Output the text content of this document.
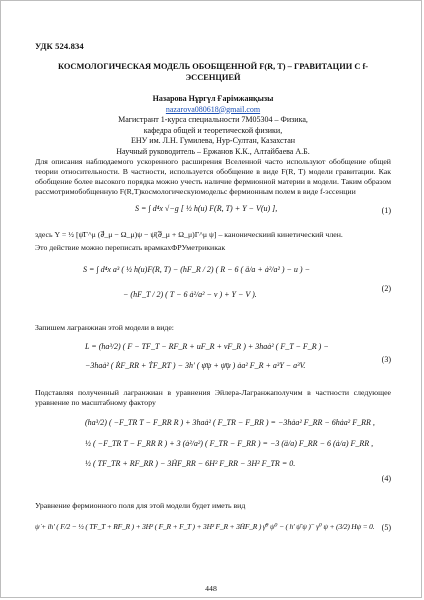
УДК 524.834
КОСМОЛОГИЧЕСКАЯ МОДЕЛЬ ОБОБЩЕННОЙ F(R, T) – ГРАВИТАЦИИ С f-ЭССЕНЦИЕЙ
Назарова Нұргүл Ғарімжанқызы
nazarova080618@gmail.com
Магистрант 1-курса специальности 7M05304 – Физика,
кафедра общей и теоретической физики,
ЕНУ им. Л.Н. Гумилева, Нур-Султан, Казахстан
Научный руководитель – Ержанов К.К., Алтайбаева А.Б.
Для описания наблюдаемого ускоренного расширения Вселенной часто используют обобщение общей теории относительности. В частности, используется обобщение в виде F(R, T) модели гравитации. Как обобщение более высокого порядка можно учесть наличие фермионной материи в модели. Таким образом рассмотримобобщенную F(R,T)космологическуюмодельс фермионным полем в виде f-эссенции
S = ∫ d⁴x √−g [ ½ h(u) F(R, T) + Y − V(u) ],	(1)
здесь Y = ½ [ψ̄Γ^μ (∂⃗_μ − Ω_μ)ψ − ψ̄(∂⃖_μ + Ω_μ)Γ^μ ψ] – каноническиий кинетический член.
Это действие можно переписать врамкахФРУметрикикак
S = ∫ d⁴x a³ ( ½ h(u)F(R, T) − (hF_R / 2) ( R − 6 ( ä/a + ȧ²/a² ) − u ) −
− (hF_T / 2) ( T − 6 ȧ²/a² − v ) + Y − V ).
(2)
Запишем лагранжиан этой модели в виде:
L = (ha³/2) ( F − TF_T − RF_R + uF_R + vF_R ) + 3haȧ² ( F_T − F_R ) −
−3haȧ² ( ṘF_RR + ṪF_RT ) − 3h′ ( ψ̄ψ + ψ̄ψ ) ȧa² F_R + a³Y − a³V.
(3)
Подставляя полученный лагранжиан в уравнения Эйлера-Лагранжаполучим в частности следующее уравнение по масштабному фактору
(ha³/2) ( −F_TR T − F_RR R ) + 3haȧ² ( F_TR − F_RR ) = −3hȧa² F_RR − 6hȧa² F_RR ,
½ ( −F_TR T − F_RR R ) + 3 (ȧ²/a²) ( F_TR − F_RR ) = −3 (ä/a) F_RR − 6 (ȧ/a) F_RR ,
½ ( TF_TR + RF_RR ) − 3ḢF_RR − 6H² F_RR − 3H² F_TR = 0.
(4)
Уравнение фермионного поля для этой модели будет иметь вид
ψ̇ + ih′ ( F/2 − ½ ( TF_T + RF_R ) + 3H² ( F_R + F_T ) + 3H² F_R + 3ḢF_R ) γ̄⁰ ψ⁰ − ( h′ ψ̄ ψ )⁻ γ⁰ ψ + (3/2) Hψ = 0. (5)
448
